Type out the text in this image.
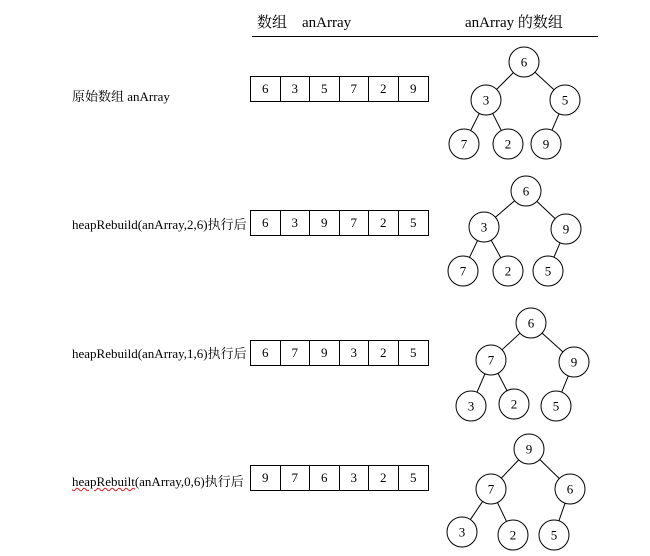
数组 anArray	anArray 的数组
原始数组 anArray
heapRebuild(anArray,2,6)执行后
heapRebuild(anArray,1,6)执行后
heapRebuilt(anArray,0,6)执行后
6	3	5	7	2	9
6	3	9	7	2	5
6	7	9	3	2	5
9	7	6	3	2	5
6
3	5
7	2 9
6
3	9
7	2	5
6
7	9
3	2	5
9
7	6
3	2	5
